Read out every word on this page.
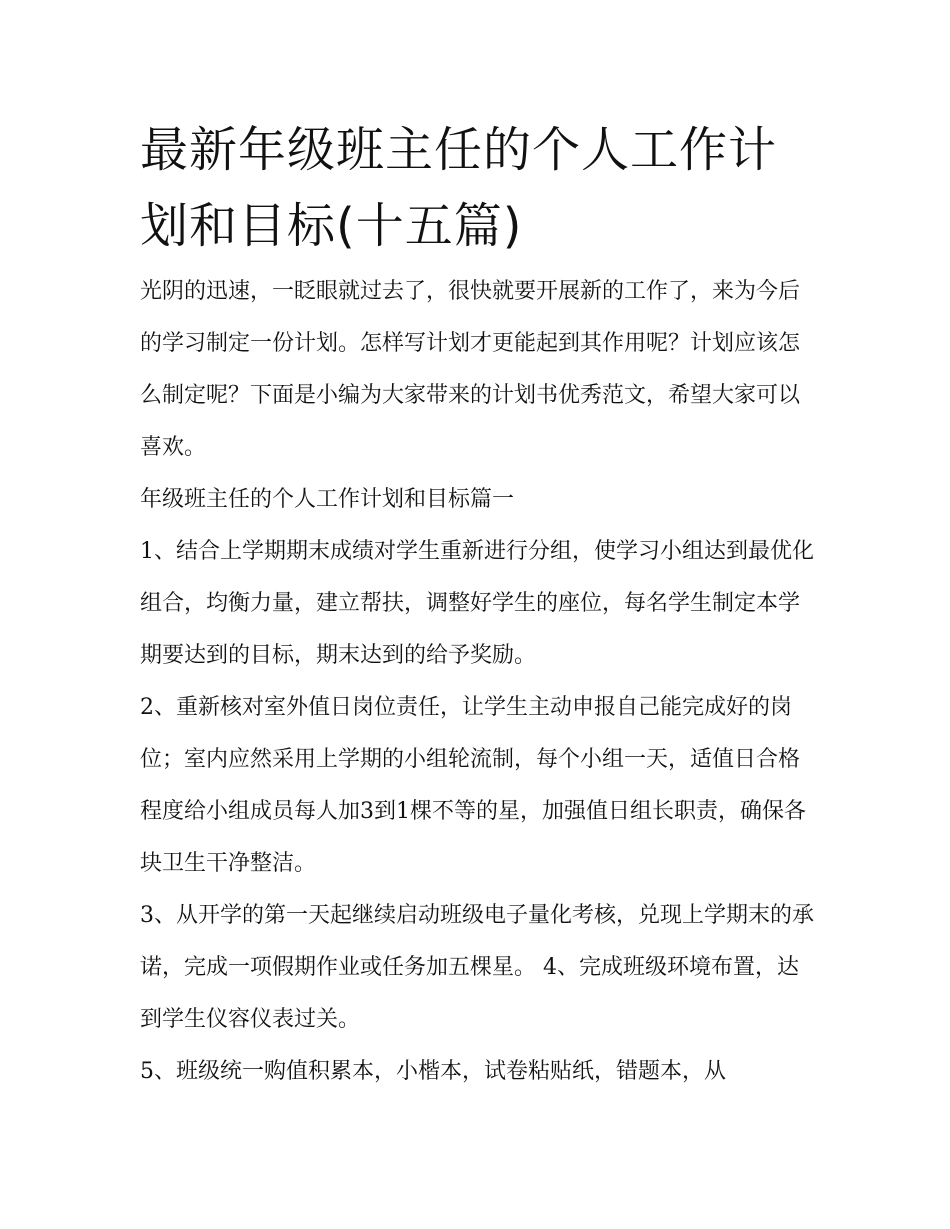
最新年级班主任的个人工作计划和目标(十五篇)

光阴的迅速，一眨眼就过去了，很快就要开展新的工作了，来为今后的学习制定一份计划。怎样写计划才更能起到其作用呢？计划应该怎么制定呢？下面是小编为大家带来的计划书优秀范文，希望大家可以喜欢。

年级班主任的个人工作计划和目标篇一

1、结合上学期期末成绩对学生重新进行分组，使学习小组达到最优化组合，均衡力量，建立帮扶，调整好学生的座位，每名学生制定本学期要达到的目标，期末达到的给予奖励。

2、重新核对室外值日岗位责任，让学生主动申报自己能完成好的岗位；室内应然采用上学期的小组轮流制，每个小组一天，适值日合格程度给小组成员每人加3到1棵不等的星，加强值日组长职责，确保各块卫生干净整洁。

3、从开学的第一天起继续启动班级电子量化考核，兑现上学期末的承诺，完成一项假期作业或任务加五棵星。 4、完成班级环境布置，达到学生仪容仪表过关。

5、班级统一购值积累本，小楷本，试卷粘贴纸，错题本，从
